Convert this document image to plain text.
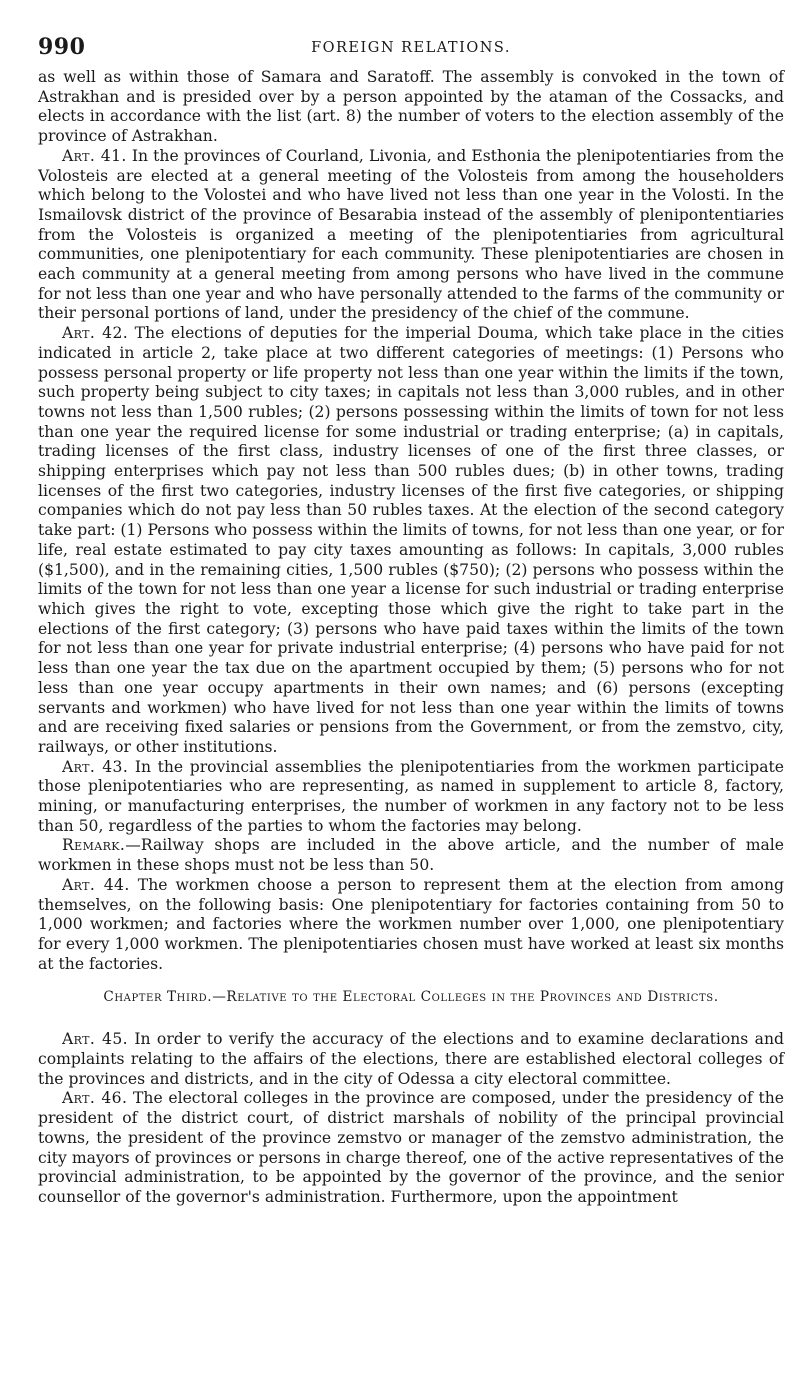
990	FOREIGN RELATIONS.

as well as within those of Samara and Saratoff. The assembly is convoked in the town of Astrakhan and is presided over by a person appointed by the ataman of the Cossacks, and elects in accordance with the list (art. 8) the number of voters to the election assembly of the province of Astrakhan.

Art. 41. In the provinces of Courland, Livonia, and Esthonia the plenipotentiaries from the Volosteis are elected at a general meeting of the Volosteis from among the householders which belong to the Volostei and who have lived not less than one year in the Volosti. In the Ismailovsk district of the province of Besarabia instead of the assembly of plenipontentiaries from the Volosteis is organized a meeting of the plenipotentiaries from agricultural communities, one plenipotentiary for each community. These plenipotentiaries are chosen in each community at a general meeting from among persons who have lived in the commune for not less than one year and who have personally attended to the farms of the community or their personal portions of land, under the presidency of the chief of the commune.

Art. 42. The elections of deputies for the imperial Douma, which take place in the cities indicated in article 2, take place at two different categories of meetings: (1) Persons who possess personal property or life property not less than one year within the limits if the town, such property being subject to city taxes; in capitals not less than 3,000 rubles, and in other towns not less than 1,500 rubles; (2) persons possessing within the limits of town for not less than one year the required license for some industrial or trading enterprise; (a) in capitals, trading licenses of the first class, industry licenses of one of the first three classes, or shipping enterprises which pay not less than 500 rubles dues; (b) in other towns, trading licenses of the first two categories, industry licenses of the first five categories, or shipping companies which do not pay less than 50 rubles taxes. At the election of the second category take part: (1) Persons who possess within the limits of towns, for not less than one year, or for life, real estate estimated to pay city taxes amounting as follows: In capitals, 3,000 rubles ($1,500), and in the remaining cities, 1,500 rubles ($750); (2) persons who possess within the limits of the town for not less than one year a license for such industrial or trading enterprise which gives the right to vote, excepting those which give the right to take part in the elections of the first category; (3) persons who have paid taxes within the limits of the town for not less than one year for private industrial enterprise; (4) persons who have paid for not less than one year the tax due on the apartment occupied by them; (5) persons who for not less than one year occupy apartments in their own names; and (6) persons (excepting servants and workmen) who have lived for not less than one year within the limits of towns and are receiving fixed salaries or pensions from the Government, or from the zemstvo, city, railways, or other institutions.

Art. 43. In the provincial assemblies the plenipotentiaries from the workmen participate those plenipotentiaries who are representing, as named in supplement to article 8, factory, mining, or manufacturing enterprises, the number of workmen in any factory not to be less than 50, regardless of the parties to whom the factories may belong.

Remark.—Railway shops are included in the above article, and the number of male workmen in these shops must not be less than 50.

Art. 44. The workmen choose a person to represent them at the election from among themselves, on the following basis: One plenipotentiary for factories containing from 50 to 1,000 workmen; and factories where the workmen number over 1,000, one plenipotentiary for every 1,000 workmen. The plenipotentiaries chosen must have worked at least six months at the factories.

Chapter Third.—Relative to the Electoral Colleges in the Provinces and Districts.

Art. 45. In order to verify the accuracy of the elections and to examine declarations and complaints relating to the affairs of the elections, there are established electoral colleges of the provinces and districts, and in the city of Odessa a city electoral committee.

Art. 46. The electoral colleges in the province are composed, under the presidency of the president of the district court, of district marshals of nobility of the principal provincial towns, the president of the province zemstvo or manager of the zemstvo administration, the city mayors of provinces or persons in charge thereof, one of the active representatives of the provincial administration, to be appointed by the governor of the province, and the senior counsellor of the governor's administration. Furthermore, upon the appointment
